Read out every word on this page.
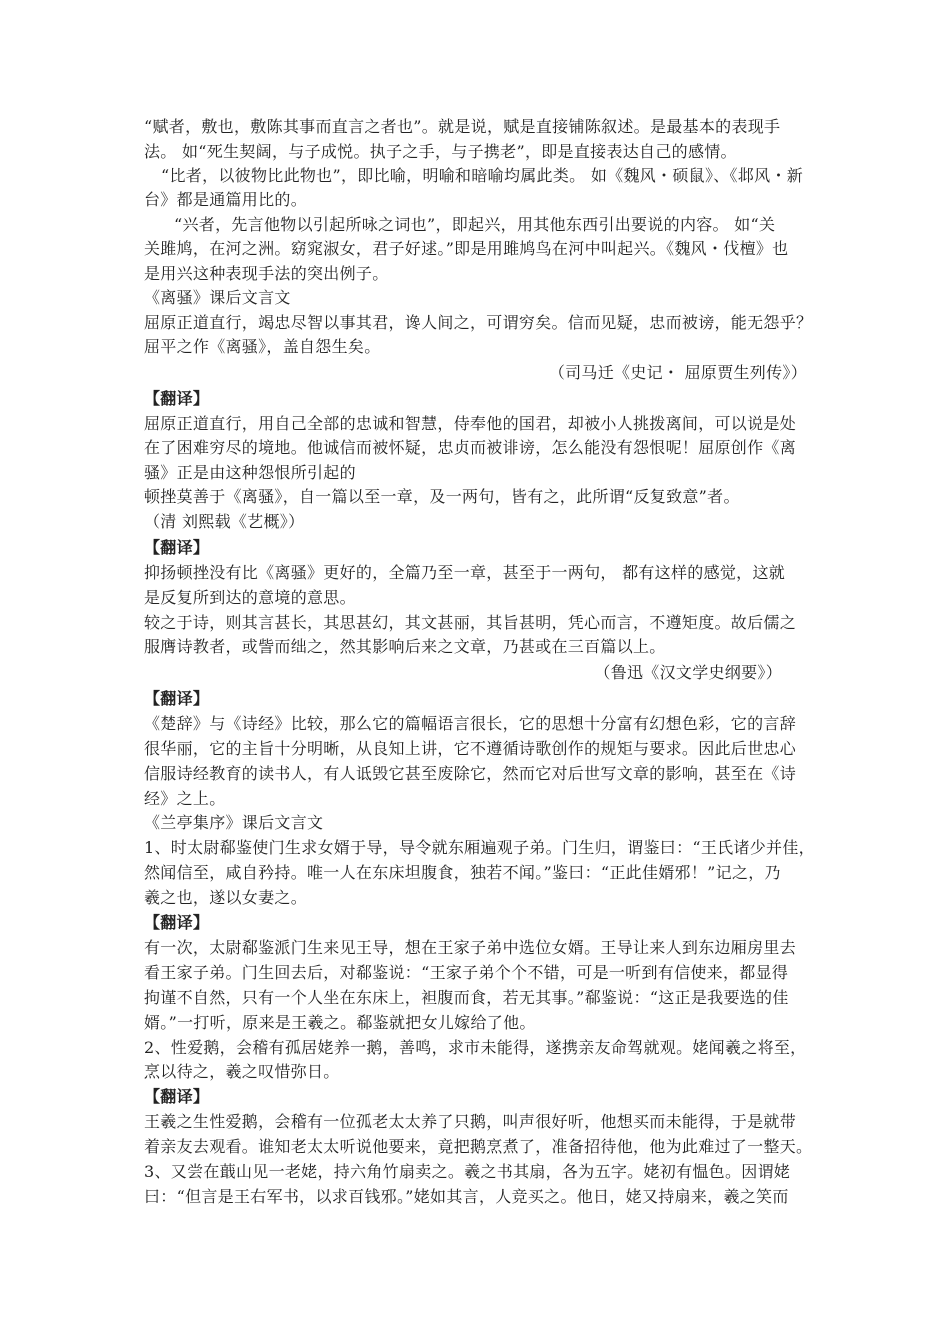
“赋者，敷也，敷陈其事而直言之者也”。就是说，赋是直接铺陈叙述。是最基本的表现手
法。 如“死生契阔，与子成悦。执子之手，与子携老”，即是直接表达自己的感情。
“比者，以彼物比此物也”，即比喻，明喻和暗喻均属此类。 如《魏风・硕鼠》、《邶风・新
台》都是通篇用比的。
“兴者，先言他物以引起所咏之词也”，即起兴，用其他东西引出要说的内容。 如“关
关雎鸠，在河之洲。窈窕淑女，君子好逑。”即是用雎鸠鸟在河中叫起兴。《魏风・伐檀》也
是用兴这种表现手法的突出例子。
《离骚》课后文言文
屈原正道直行，竭忠尽智以事其君，谗人间之，可谓穷矣。信而见疑，忠而被谤，能无怨乎？
屈平之作《离骚》，盖自怨生矣。
（司马迁《史记・ 屈原贾生列传》）
【翻译】
屈原正道直行，用自己全部的忠诚和智慧，侍奉他的国君，却被小人挑拨离间，可以说是处
在了困难穷尽的境地。他诚信而被怀疑，忠贞而被诽谤，怎么能没有怨恨呢！屈原创作《离
骚》正是由这种怨恨所引起的
顿挫莫善于《离骚》，自一篇以至一章，及一两句，皆有之，此所谓“反复致意”者。
（清 刘熙载《艺概》）
【翻译】
抑扬顿挫没有比《离骚》更好的，全篇乃至一章，甚至于一两句， 都有这样的感觉，这就
是反复所到达的意境的意思。
较之于诗，则其言甚长，其思甚幻，其文甚丽，其旨甚明，凭心而言，不遵矩度。故后儒之
服膺诗教者，或訾而绌之，然其影响后来之文章，乃甚或在三百篇以上。
（鲁迅《汉文学史纲要》）
【翻译】
《楚辞》与《诗经》比较，那么它的篇幅语言很长，它的思想十分富有幻想色彩，它的言辞
很华丽，它的主旨十分明晰，从良知上讲，它不遵循诗歌创作的规矩与要求。因此后世忠心
信服诗经教育的读书人，有人诋毁它甚至废除它，然而它对后世写文章的影响，甚至在《诗
经》之上。
《兰亭集序》课后文言文
1、时太尉郗鉴使门生求女婿于导，导令就东厢遍观子弟。门生归，谓鉴曰：“王氏诸少并佳，
然闻信至，咸自矜持。唯一人在东床坦腹食，独若不闻。”鉴曰：“正此佳婿邪！”记之，乃
羲之也，遂以女妻之。
【翻译】
有一次，太尉郗鉴派门生来见王导，想在王家子弟中选位女婿。王导让来人到东边厢房里去
看王家子弟。门生回去后，对郗鉴说：“王家子弟个个不错，可是一听到有信使来，都显得
拘谨不自然，只有一个人坐在东床上，袒腹而食，若无其事。”郗鉴说：“这正是我要选的佳
婿。”一打听，原来是王羲之。郗鉴就把女儿嫁给了他。
2、性爱鹅，会稽有孤居姥养一鹅，善鸣，求市未能得，遂携亲友命驾就观。姥闻羲之将至，
烹以待之，羲之叹惜弥日。
【翻译】
王羲之生性爱鹅，会稽有一位孤老太太养了只鹅，叫声很好听，他想买而未能得，于是就带
着亲友去观看。谁知老太太听说他要来，竟把鹅烹煮了，准备招待他，他为此难过了一整天。
3、又尝在蕺山见一老姥，持六角竹扇卖之。羲之书其扇，各为五字。姥初有愠色。因谓姥
曰：“但言是王右军书，以求百钱邪。”姥如其言，人竞买之。他日，姥又持扇来，羲之笑而
